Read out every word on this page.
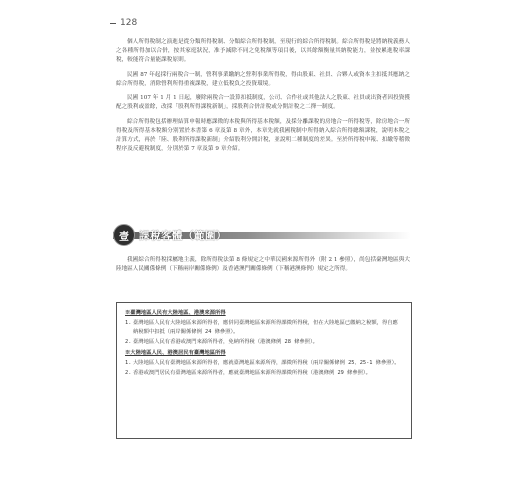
128

個人所得稅制之演進是從分類所得稅制、分類綜合所得稅制，至現行的綜合所得稅制。綜合所得稅是將納稅義務人之各種所得加以合併，按其家庭狀況，准予減除不同之免稅額等項目後，以其餘額衡量其納稅能力，並按累進稅率課稅，較能符合量能課稅原則。

民國 87 年起採行兩稅合一制，營利事業繳納之營利事業所得稅，得由股東、社員、合夥人或資本主扣抵其應納之綜合所得稅，消除營利所得重複課稅，建立低稅負之投資環境。

民國 107 年 1 月 1 日起，廢除兩稅合一設算扣抵制度，公司、合作社或其他法人之股東、社員或出資者因投資獲配之股利或盈餘，改採「股利所得課稅新制」，採股利合併計稅或分開計稅之二擇一制度。

綜合所得稅包括辦理結算申報時應課徵的本稅與所得基本稅額，及採分離課稅的房地合一所得稅等，除房地合一所得稅及所得基本稅額分別置於本書第 6 章及第 8 章外，本章先就我國稅制中所得納入綜合所得總額課稅，說明本稅之計算方式，再於「陸、股利所得課稅新制」介紹股利分開計稅，並說明二種制度的差異。至於所得稅申報、扣繳等稽徵程序及反避稅制度，分別於第 7 章及第 9 章介紹。

壹 課稅客體（範圍）

我國綜合所得稅採屬地主義，除所得稅法第 8 條規定之中華民國來源所得外（附 2 1 參照），尚包括臺灣地區與大陸地區人民關係條例（下稱兩岸關係條例）及香港澳門關係條例（下稱港澳條例）規定之所得。

※臺灣地區人民有大陸地區、港澳來源所得
1. 臺灣地區人民有大陸地區來源所得者，應併同臺灣地區來源所得課徵所得稅，但在大陸地區已繳納之稅額，得自應納稅額中扣抵（兩岸關係條例 24 條參照）。
2. 臺灣地區人民有香港或澳門來源所得者，免納所得稅（港澳條例 28 條參照）。
※大陸地區人民、港澳居民有臺灣地區所得
1. 大陸地區人民有臺灣地區來源所得者，應就臺灣地區來源所得，課徵所得稅（兩岸關係條例 25、25-1 條參照）。
2. 香港或澳門居民有臺灣地區來源所得者，應就臺灣地區來源所得課徵所得稅（港澳條例 29 條參照）。
